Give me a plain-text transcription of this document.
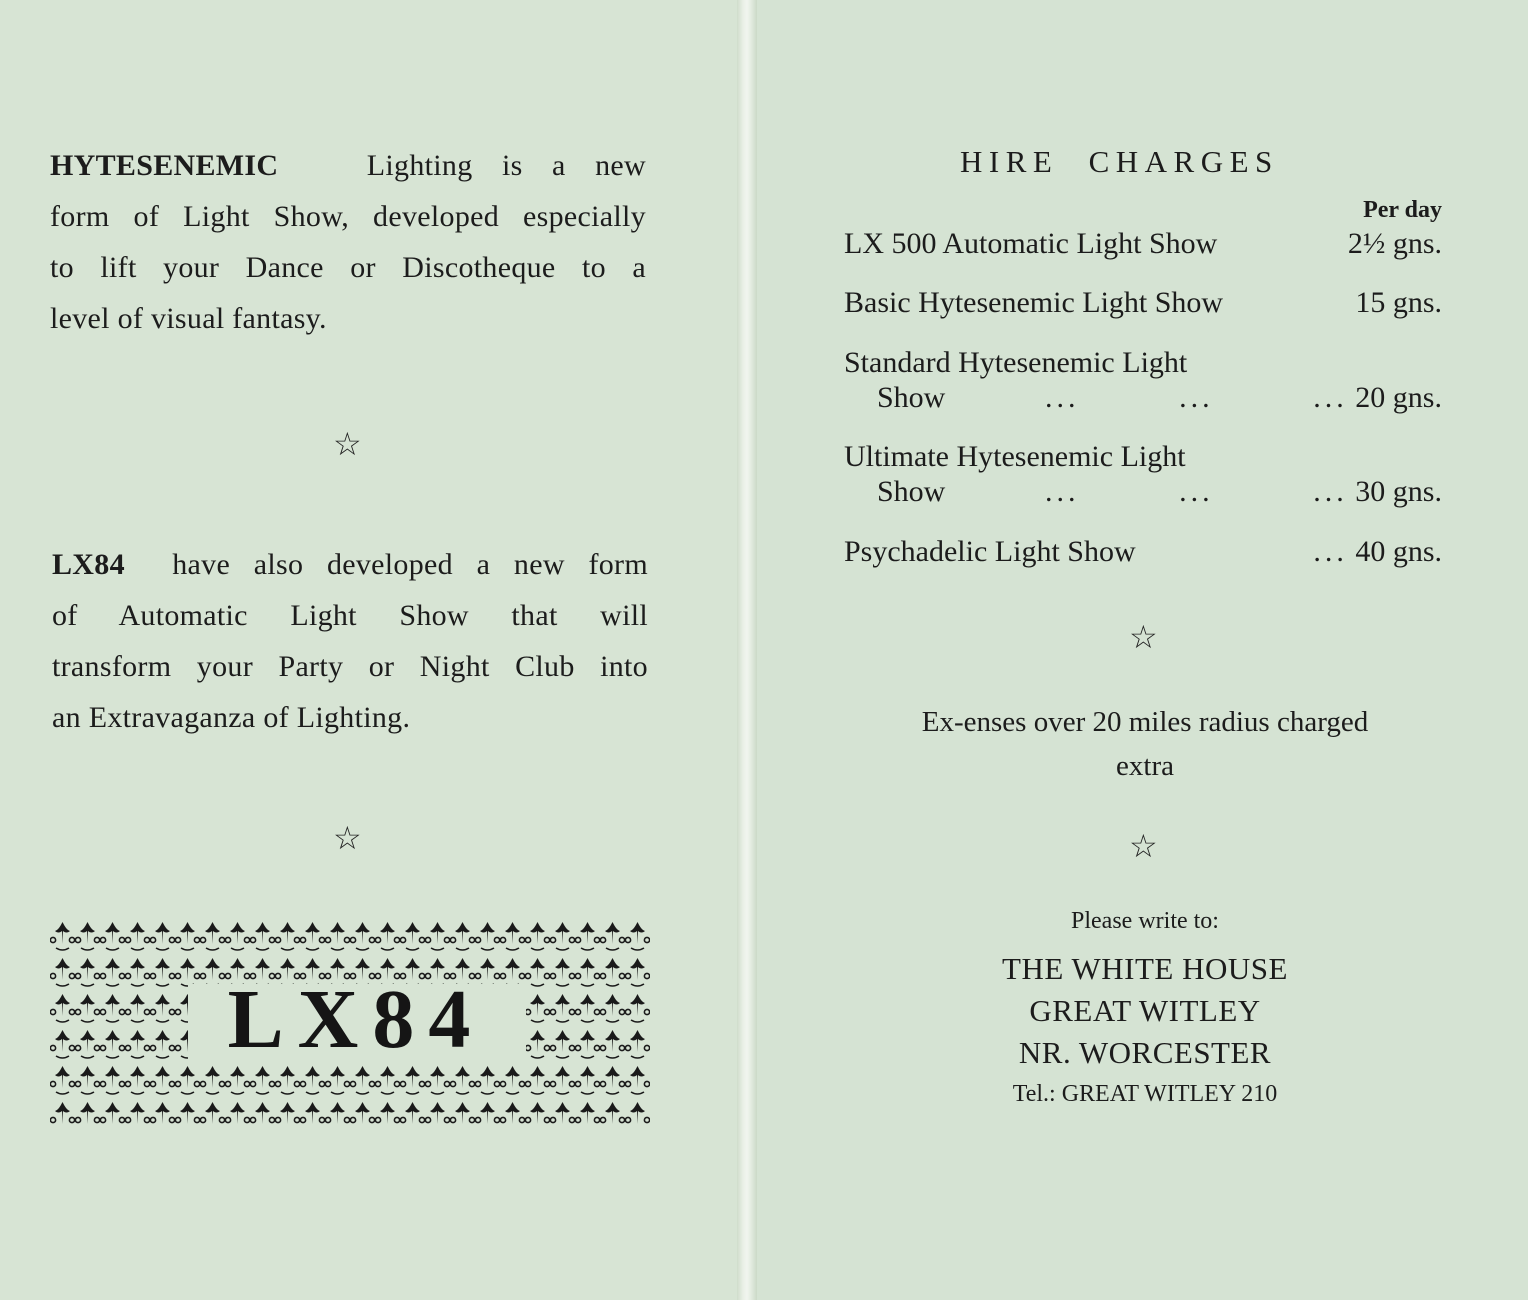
HYTESENEMIC	Lighting is a new
form of Light Show, developed especially
to lift your Dance or Discotheque to a
level of visual fantasy.
☆
LX84 have also developed a new form
of Automatic Light Show that will
transform your Party or Night Club into
an Extravaganza of Lighting.
☆
LX84
HIRE CHARGES
Per day
LX 500 Automatic Light Show	2½ gns.
Basic Hytesenemic Light Show	15 gns.
Standard Hytesenemic Light
Show	...	...	... 20 gns.
Ultimate Hytesenemic Light
Show	...	...	... 30 gns.
Psychadelic Light Show	... 40 gns.
☆
Ex-enses over 20 miles radius charged
extra
☆
Please write to:
THE WHITE HOUSE
GREAT WITLEY
NR. WORCESTER
Tel.: GREAT WITLEY 210
